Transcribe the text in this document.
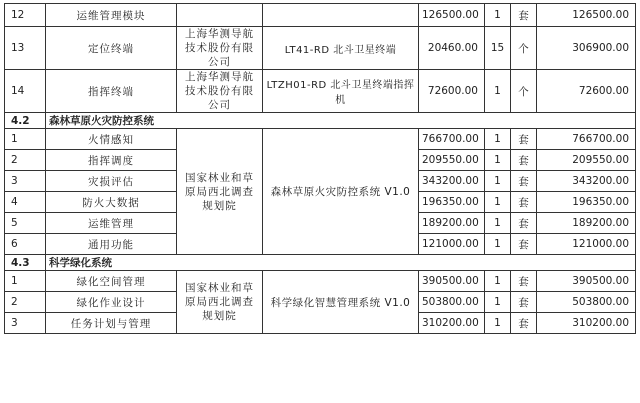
12	运维管理模块			126500.00	1	套	126500.00
13	定位终端	上海华测导航技术股份有限公司	LT41-RD 北斗卫星终端	20460.00	15	个	306900.00
14	指挥终端	上海华测导航技术股份有限公司	LTZH01-RD 北斗卫星终端指挥机	72600.00	1	个	72600.00
4.2	森林草原火灾防控系统						
1	火情感知	国家林业和草原局西北调查规划院	森林草原火灾防控系统 V1.0	766700.00	1	套	766700.00
2	指挥调度			209550.00	1	套	209550.00
3	灾损评估			343200.00	1	套	343200.00
4	防火大数据			196350.00	1	套	196350.00
5	运维管理			189200.00	1	套	189200.00
6	通用功能			121000.00	1	套	121000.00
4.3	科学绿化系统						
1	绿化空间管理	国家林业和草原局西北调查规划院	科学绿化智慧管理系统 V1.0	390500.00	1	套	390500.00
2	绿化作业设计			503800.00	1	套	503800.00
3	任务计划与管理			310200.00	1	套	310200.00
